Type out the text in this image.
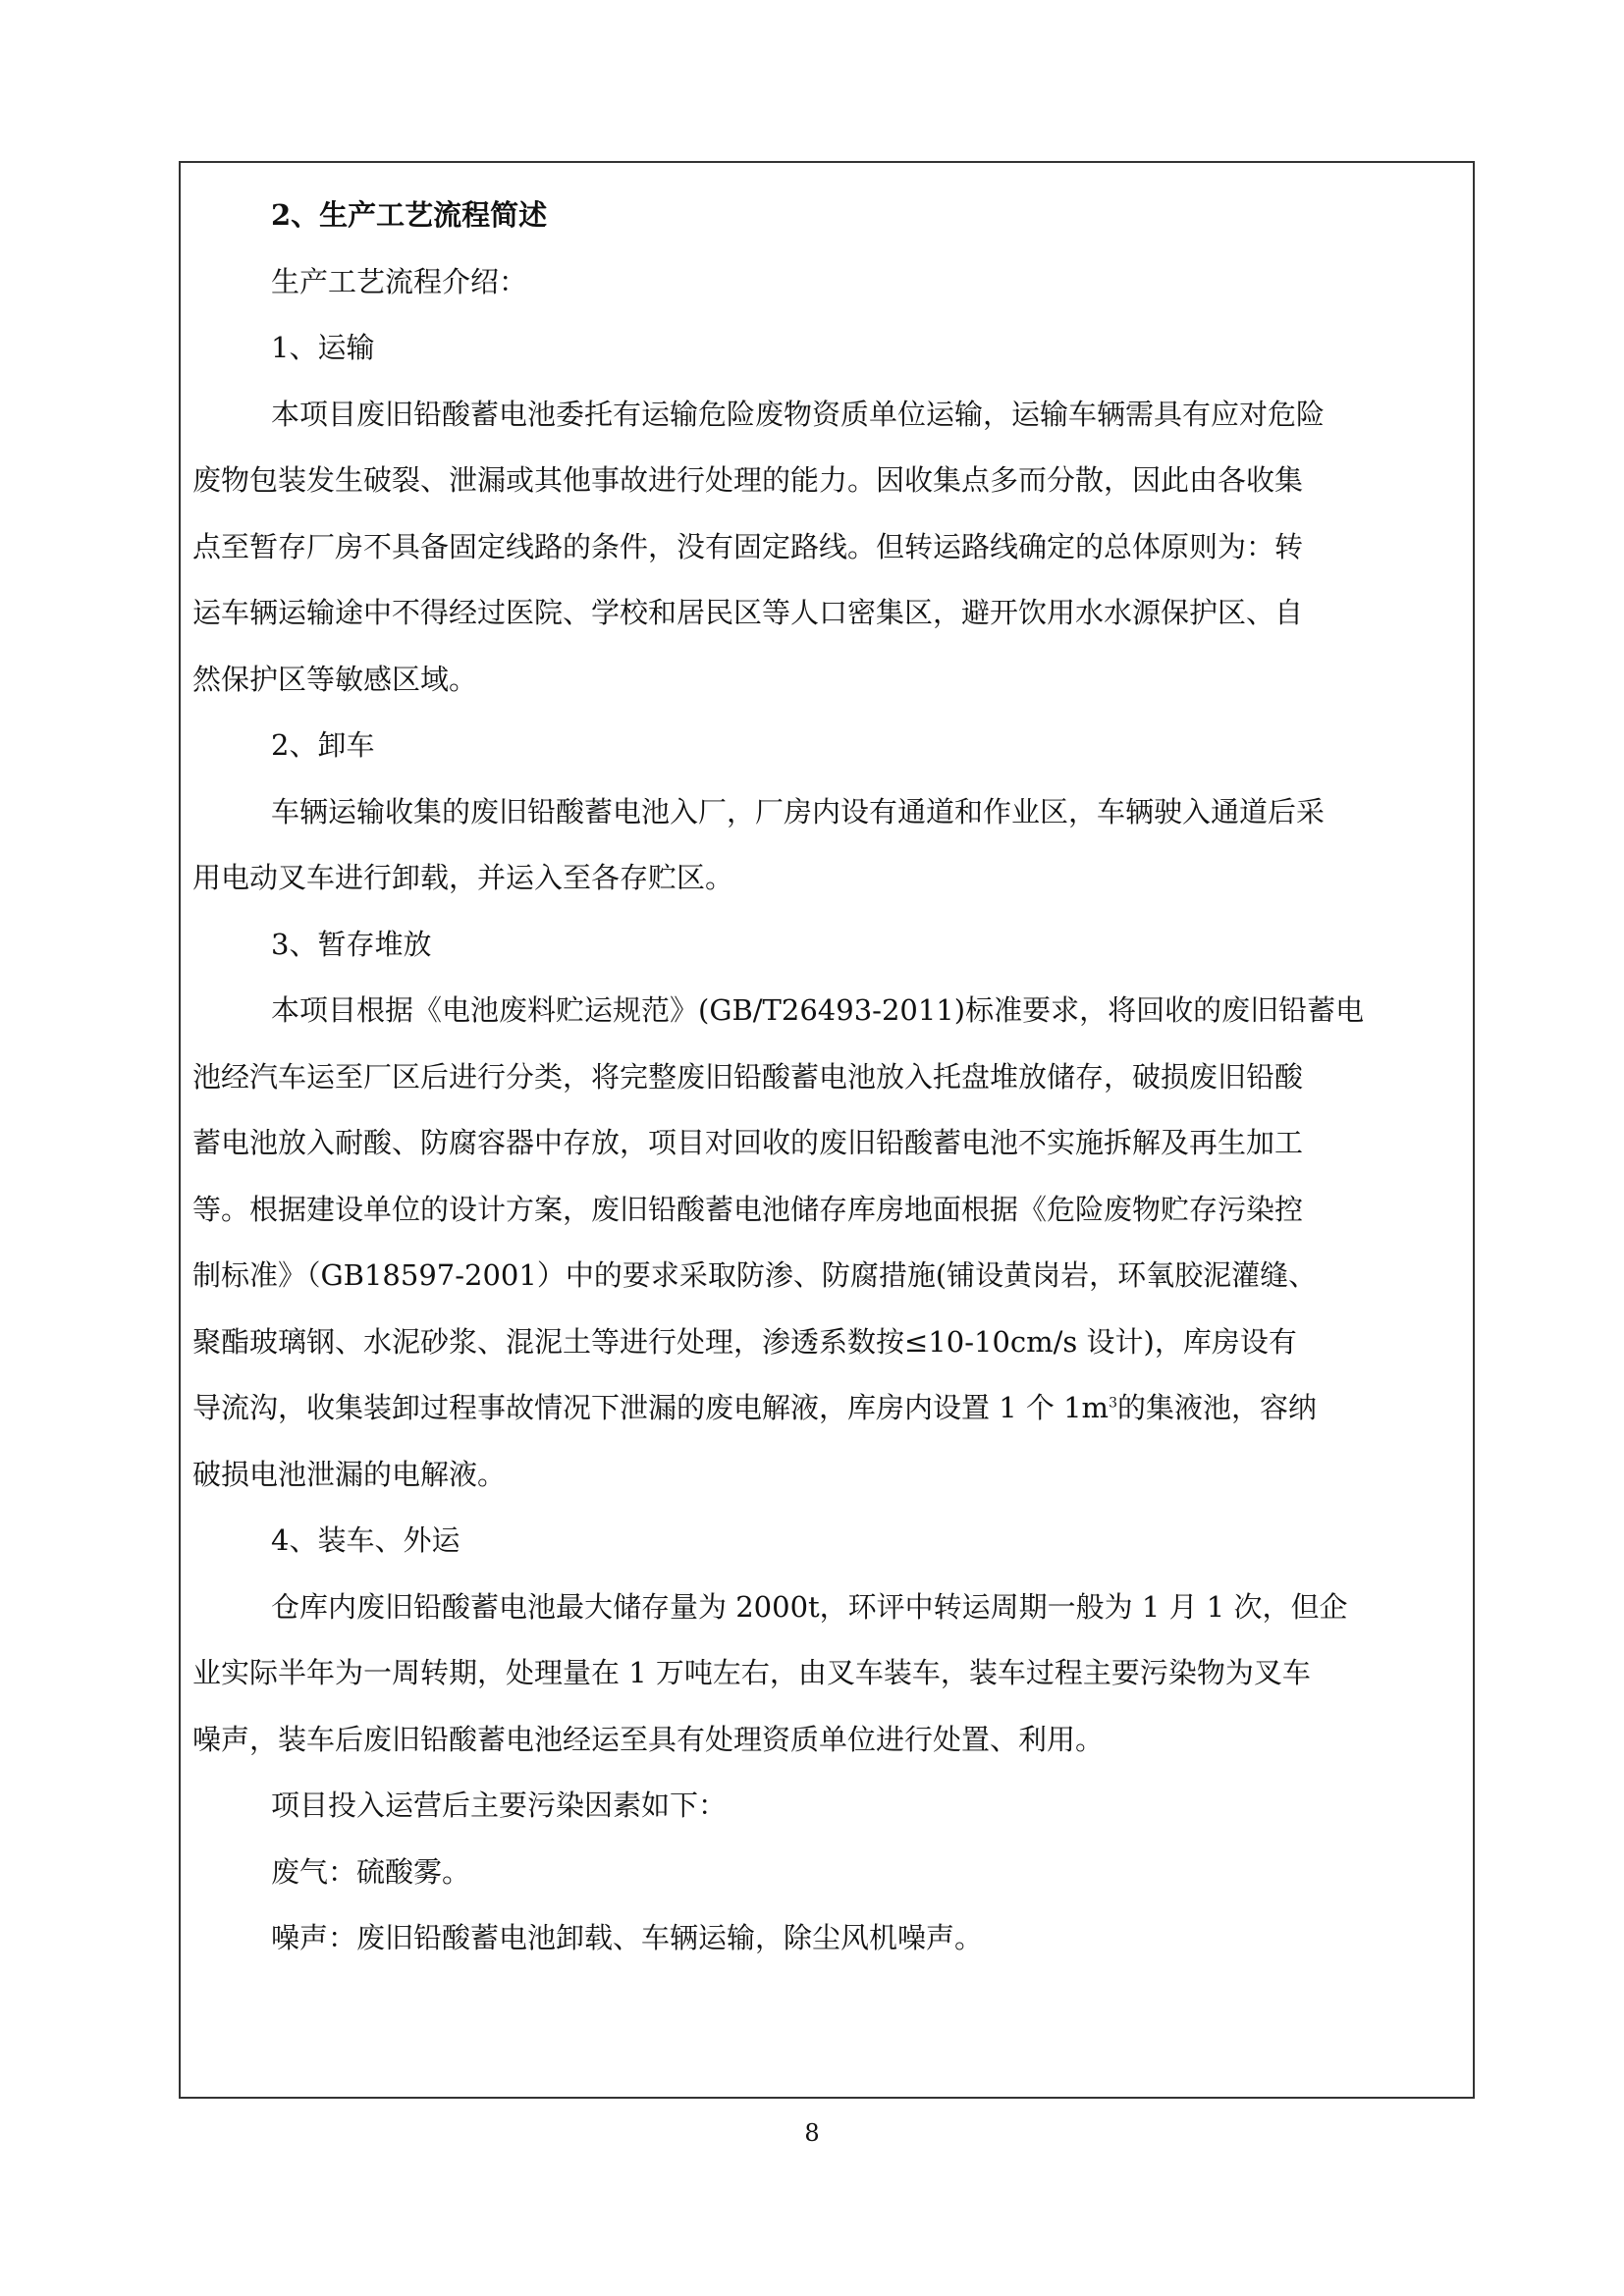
2、生产工艺流程简述

生产工艺流程介绍：

1、运输

本项目废旧铅酸蓄电池委托有运输危险废物资质单位运输，运输车辆需具有应对危险

废物包装发生破裂、泄漏或其他事故进行处理的能力。因收集点多而分散，因此由各收集

点至暂存厂房不具备固定线路的条件，没有固定路线。但转运路线确定的总体原则为：转

运车辆运输途中不得经过医院、学校和居民区等人口密集区，避开饮用水水源保护区、自

然保护区等敏感区域。

2、卸车

车辆运输收集的废旧铅酸蓄电池入厂，厂房内设有通道和作业区，车辆驶入通道后采

用电动叉车进行卸载，并运入至各存贮区。

3、暂存堆放

本项目根据《电池废料贮运规范》(GB/T26493-2011)标准要求，将回收的废旧铅蓄电

池经汽车运至厂区后进行分类，将完整废旧铅酸蓄电池放入托盘堆放储存，破损废旧铅酸

蓄电池放入耐酸、防腐容器中存放，项目对回收的废旧铅酸蓄电池不实施拆解及再生加工

等。根据建设单位的设计方案，废旧铅酸蓄电池储存库房地面根据《危险废物贮存污染控

制标准》（GB18597-2001）中的要求采取防渗、防腐措施(铺设黄岗岩，环氧胶泥灌缝、

聚酯玻璃钢、水泥砂浆、混泥土等进行处理，渗透系数按≤10-10cm/s 设计)，库房设有

导流沟，收集装卸过程事故情况下泄漏的废电解液，库房内设置 1 个 $1m^3$的集液池，容纳

破损电池泄漏的电解液。

4、装车、外运

仓库内废旧铅酸蓄电池最大储存量为 2000t，环评中转运周期一般为 1 月 1 次，但企

业实际半年为一周转期，处理量在 1 万吨左右，由叉车装车，装车过程主要污染物为叉车

噪声，装车后废旧铅酸蓄电池经运至具有处理资质单位进行处置、利用。

项目投入运营后主要污染因素如下：

废气：硫酸雾。

噪声：废旧铅酸蓄电池卸载、车辆运输，除尘风机噪声。

8
